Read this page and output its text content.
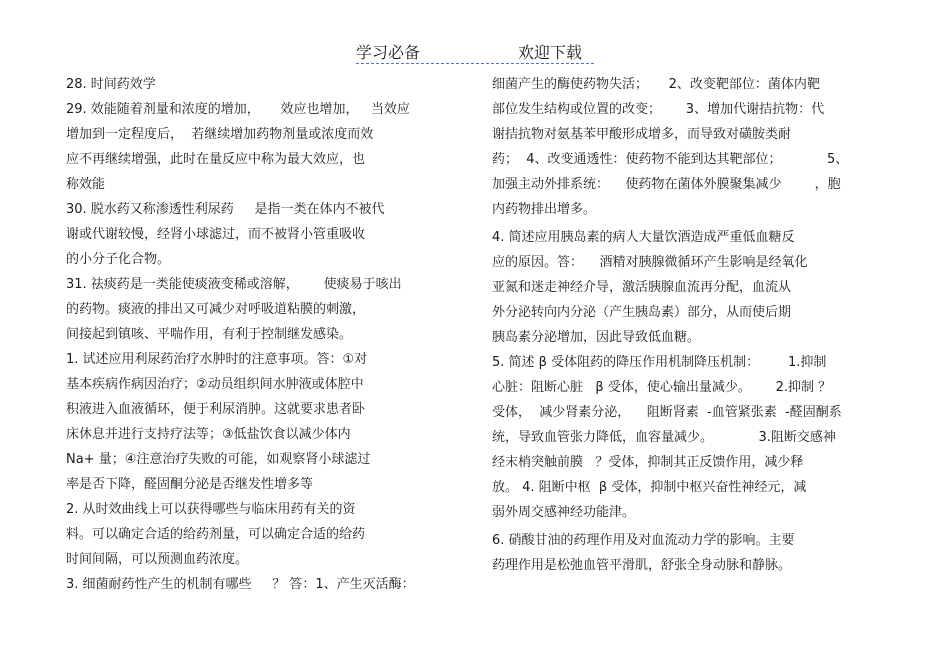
学习必备	欢迎下载
28. 时间药效学
29. 效能随着剂量和浓度的增加，     效应也增加，   当效应
增加到一定程度后，  若继续增加药物剂量或浓度而效
应不再继续增强，此时在量反应中称为最大效应，也
称效能
30. 脱水药又称渗透性利尿药     是指一类在体内不被代
谢或代谢较慢，经肾小球滤过，而不被肾小管重吸收
的小分子化合物。
31. 祛痰药是一类能使痰液变稀或溶解，      使痰易于咳出
的药物。痰液的排出又可减少对呼吸道粘膜的刺激，
间接起到镇咳、平喘作用，有利于控制继发感染。
1. 试述应用利尿药治疗水肿时的注意事项。答：①对
基本疾病作病因治疗；②动员组织间水肿液或体腔中
积液进入血液循环，便于利尿消肿。这就要求患者卧
床休息并进行支持疗法等；③低盐饮食以减少体内
Na+ 量；④注意治疗失败的可能，如观察肾小球滤过
率是否下降，醛固酮分泌是否继发性增多等
2. 从时效曲线上可以获得哪些与临床用药有关的资
料。可以确定合适的给药剂量，可以确定合适的给药
时间间隔，可以预测血药浓度。
3. 细菌耐药性产生的机制有哪些     ？ 答：1、产生灭活酶：
细菌产生的酶使药物失活；     2、改变靶部位：菌体内靶
部位发生结构或位置的改变；      3、增加代谢拮抗物：代
谢拮抗物对氨基苯甲酸形成增多，而导致对磺胺类耐
药；  4、改变通透性：使药物不能到达其靶部位；           5、
加强主动外排系统：    使药物在菌体外膜聚集减少        ，胞
内药物排出增多。
4. 简述应用胰岛素的病人大量饮酒造成严重低血糖反
应的原因。答：    酒精对胰腺微循环产生影响是经氧化
亚氮和迷走神经介导，激活胰腺血流再分配，血流从
外分泌转向内分泌（产生胰岛素）部分，从而使后期
胰岛素分泌增加，因此导致低血糖。
5. 简述 β 受体阻药的降压作用机制降压机制：       1.抑制
心脏：阻断心脏   β 受体，使心输出量减少。      2.抑制 ？
受体，  减少肾素分泌，    阻断肾素  -血管紧张素  -醛固酮系
统，导致血管张力降低，血容量减少。           3.阻断交感神
经末梢突触前膜   ？受体，抑制其正反馈作用，减少释
放。 4. 阻断中枢  β 受体，抑制中枢兴奋性神经元，减
弱外周交感神经功能津。
6. 硝酸甘油的药理作用及对血流动力学的影响。主要
药理作用是松弛血管平滑肌，舒张全身动脉和静脉。
